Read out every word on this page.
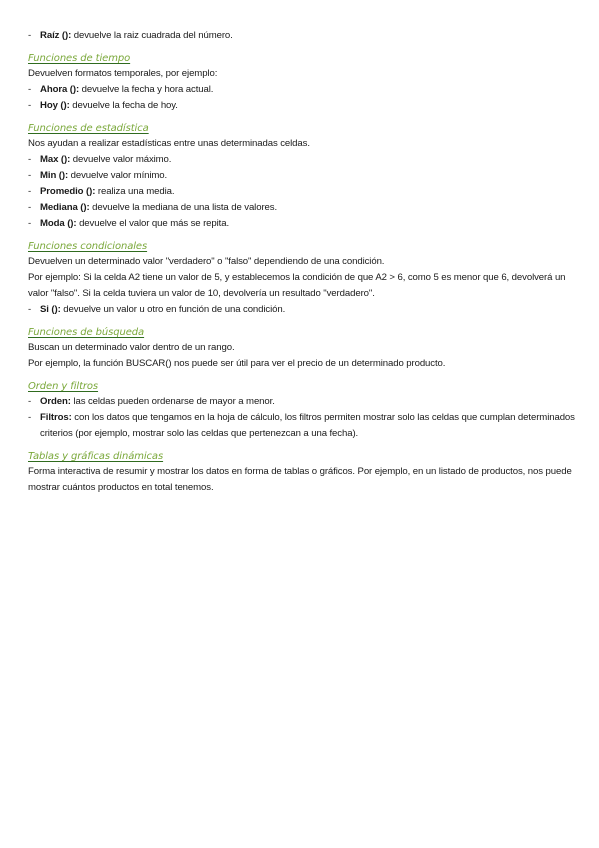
- Raíz (): devuelve la raiz cuadrada del número.
Funciones de tiempo

Devuelven formatos temporales, por ejemplo:

- Ahora (): devuelve la fecha y hora actual.
- Hoy (): devuelve la fecha de hoy.
Funciones de estadística

Nos ayudan a realizar estadísticas entre unas determinadas celdas.

- Max (): devuelve valor máximo.
- Min (): devuelve valor mínimo.
- Promedio (): realiza una media.
- Mediana (): devuelve la mediana de una lista de valores.
- Moda (): devuelve el valor que más se repita.
Funciones condicionales

Devuelven un determinado valor "verdadero" o "falso" dependiendo de una condición.

Por ejemplo: Si la celda A2 tiene un valor de 5, y establecemos la condición de que A2 > 6, como 5 es menor que 6, devolverá un valor "falso". Si la celda tuviera un valor de 10, devolvería un resultado "verdadero".

- Si (): devuelve un valor u otro en función de una condición.
Funciones de búsqueda

Buscan un determinado valor dentro de un rango.

Por ejemplo, la función BUSCAR() nos puede ser útil para ver el precio de un determinado producto.

Orden y filtros
- Orden: las celdas pueden ordenarse de mayor a menor.
- Filtros: con los datos que tengamos en la hoja de cálculo, los filtros permiten mostrar solo las celdas que cumplan determinados criterios (por ejemplo, mostrar solo las celdas que pertenezcan a una fecha).
Tablas y gráficas dinámicas

Forma interactiva de resumir y mostrar los datos en forma de tablas o gráficos. Por ejemplo, en un listado de productos, nos puede mostrar cuántos productos en total tenemos.
